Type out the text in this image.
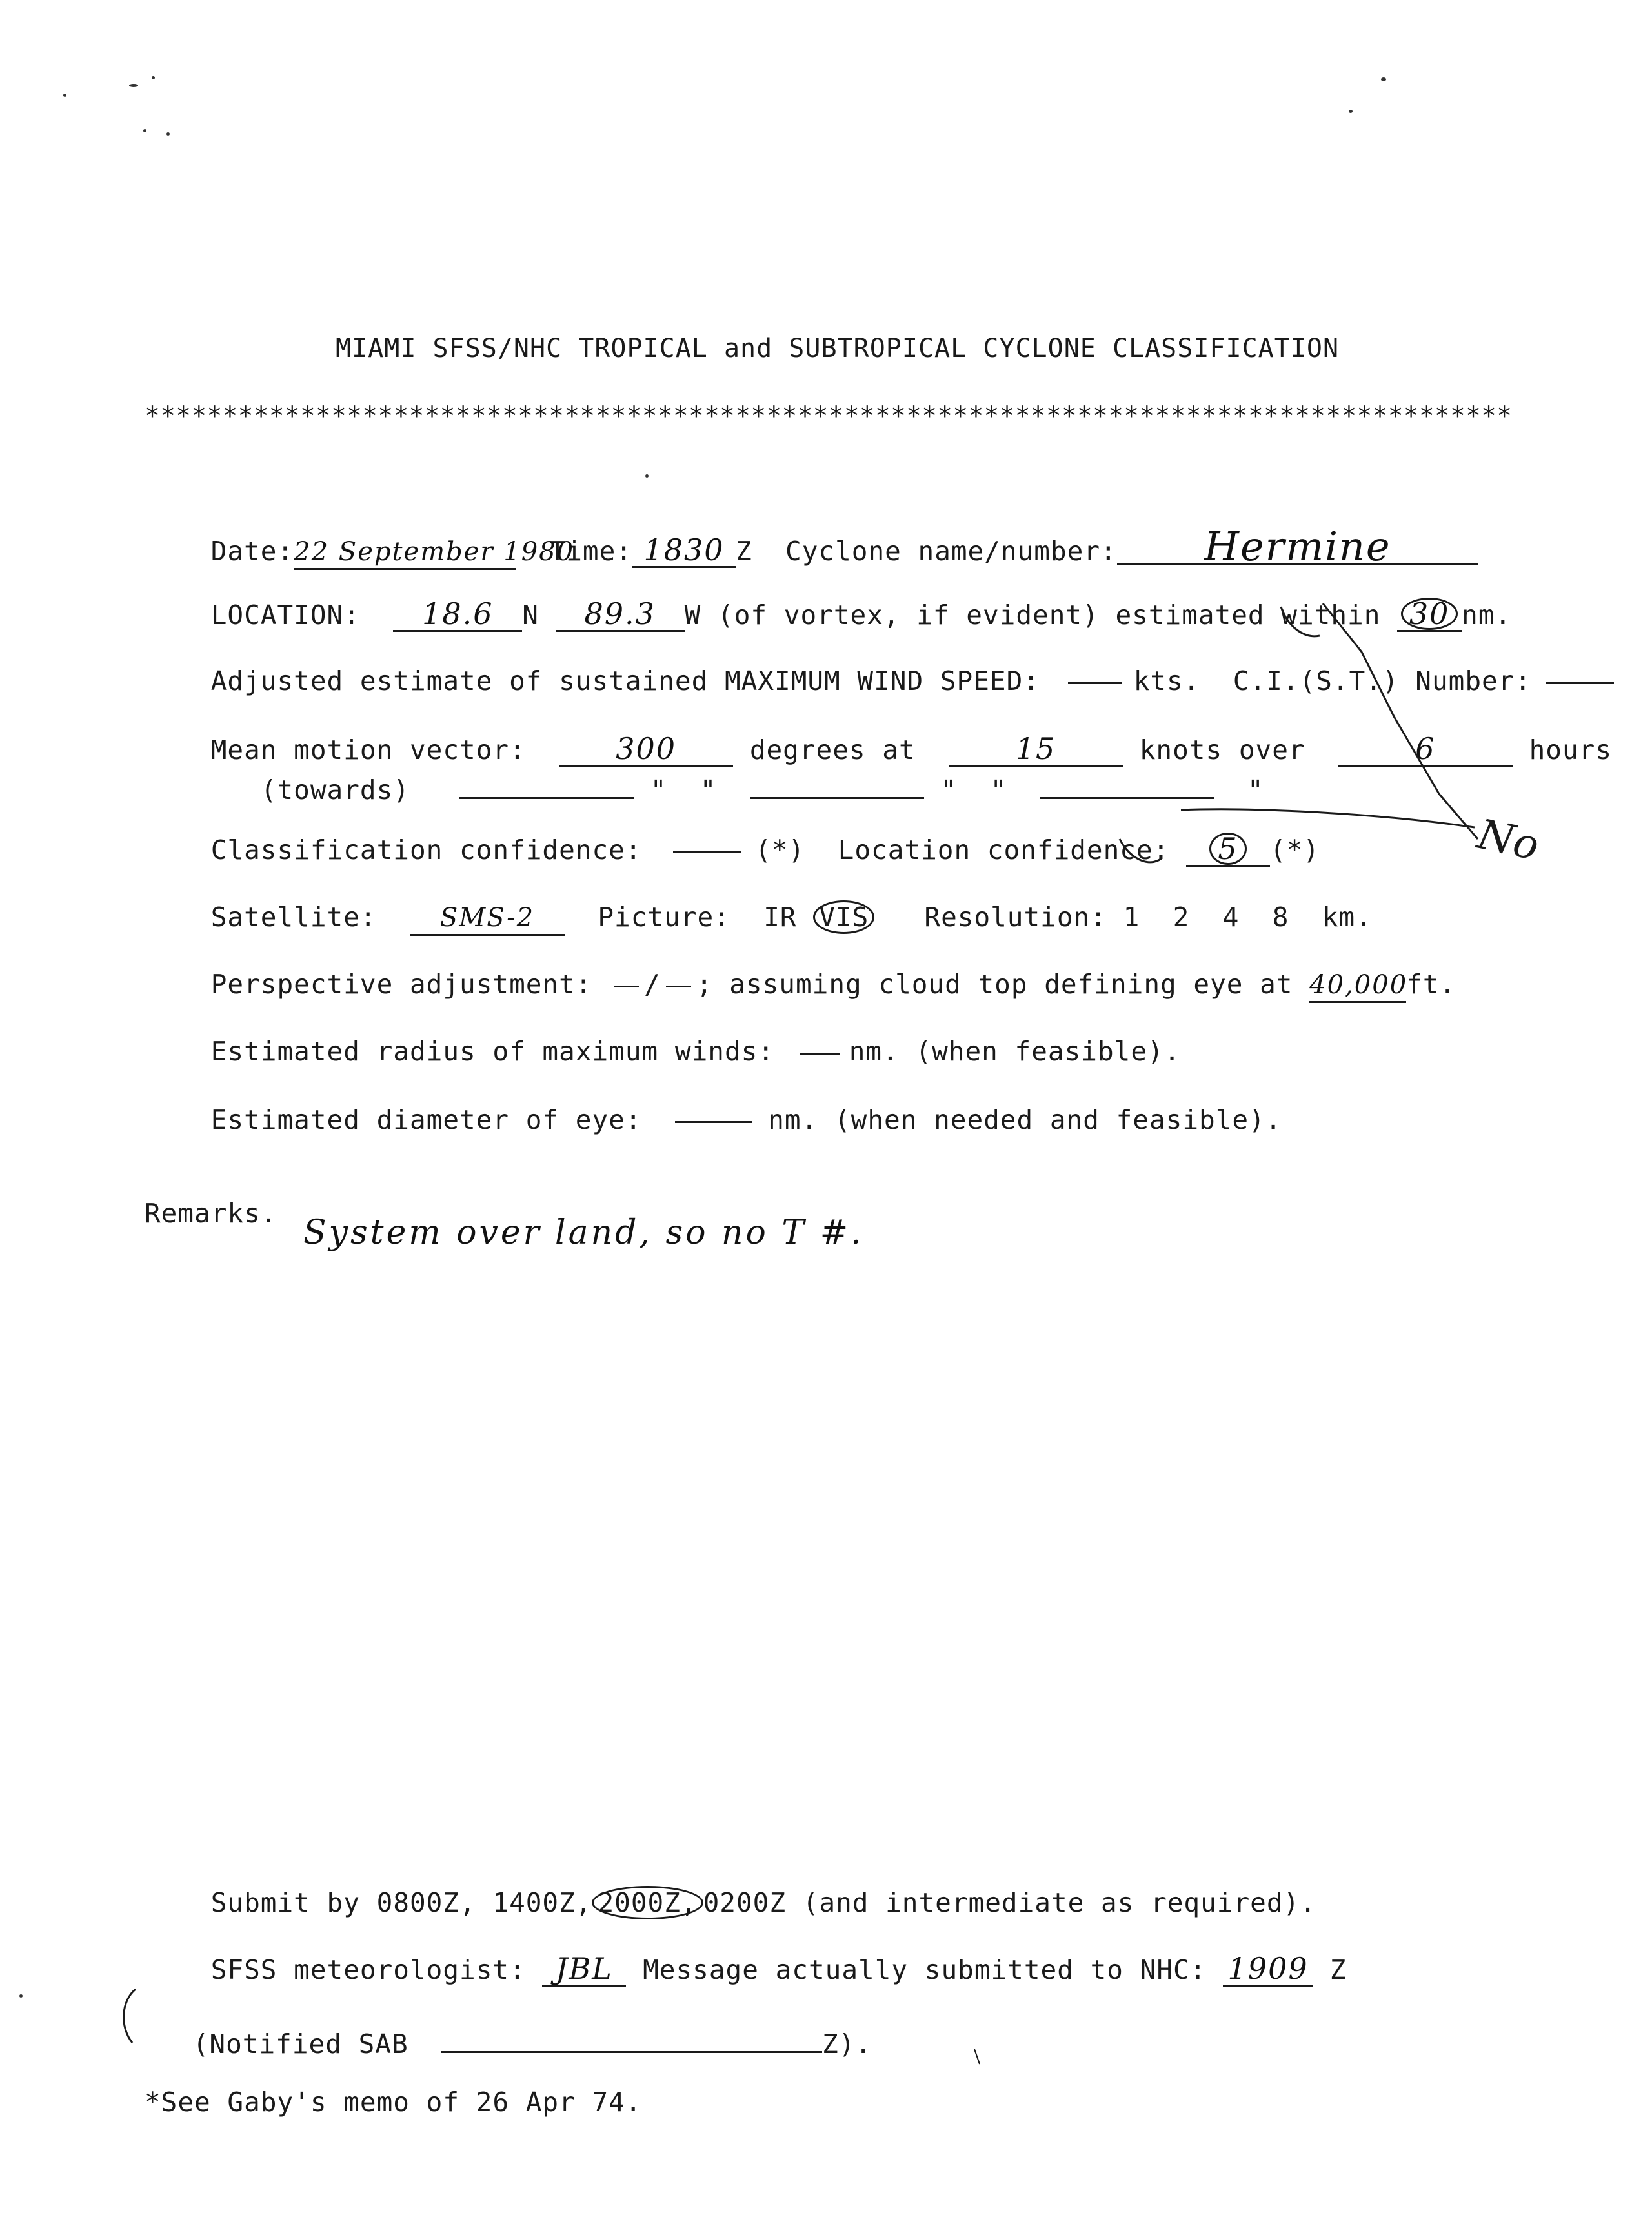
MIAMI SFSS/NHC TROPICAL and SUBTROPICAL CYCLONE CLASSIFICATION
****************************************************************************************

Date:22 September 1980  Time: 1830 Z Cyclone name/number: Hermine

LOCATION: 18.6 N 89.3 W (of vortex, if evident) estimated within 30 nm.

Adjusted estimate of sustained MAXIMUM WIND SPEED:	kts. C.I.(S.T.) Number:

Mean motion vector:	300	degrees at	15	knots over	6	hours

(towards)	"  "	"  "	"

Classification confidence:	(*) Location confidence: 5 (*)

Satellite: SMS-2 Picture: IR VIS Resolution: 1 2 4 8 km.

Perspective adjustment: / ; assuming cloud top defining eye at 40,000ft.

Estimated radius of maximum winds:	nm. (when feasible).

Estimated diameter of eye:	nm. (when needed and feasible).

Remarks. System over land, so no T #.

Submit by 0800Z, 1400Z, 2000Z, 0200Z (and intermediate as required).

SFSS meteorologist: JBL Message actually submitted to NHC: 1909 Z

(Notified SAB	Z).

*See Gaby's memo of 26 Apr 74.
No
